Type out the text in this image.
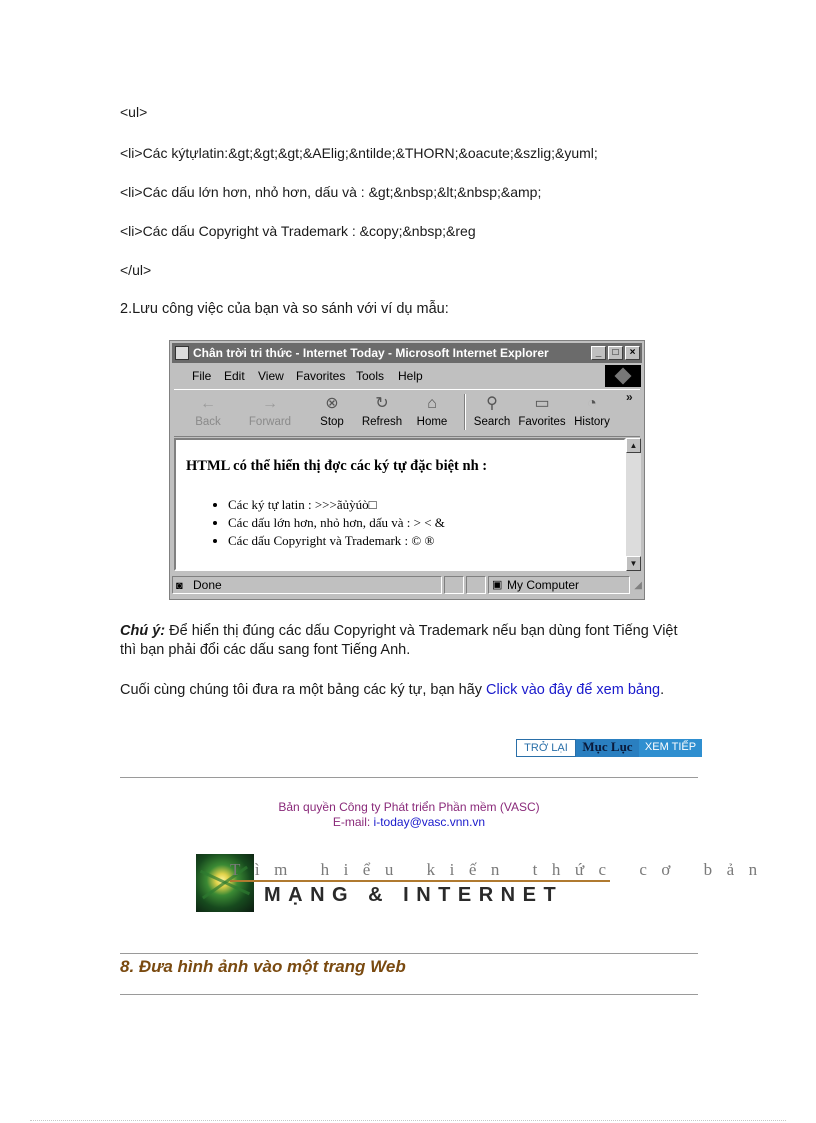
<ul>
<li>Các kýtựlatin:&gt;&gt;&gt;&AElig;&ntilde;&THORN;&oacute;&szlig;&yuml;
<li>Các dấu lớn hơn, nhỏ hơn, dấu và : &gt;&nbsp;&lt;&nbsp;&amp;
<li>Các dấu Copyright và Trademark : &copy;&nbsp;&reg
</ul>
2.Lưu công việc của bạn và so sánh với ví dụ mẫu:
Chân trời tri thức - Internet Today - Microsoft Internet Explorer	_	□	×
File Edit View Favorites Tools Help
←
Back
→
Forward
⊗
Stop
↻
Refresh
⌂
Home
⚲
Search
▭
Favorites
◔
History
»
HTML có thể hiển thị đợc các ký tự đặc biệt nh :
• Các ký tự latin : >>>ãủỳúò□
• Các dấu lớn hơn, nhỏ hơn, dấu và : > < &
• Các dấu Copyright và Trademark : © ®
▲
▼
◙ Done	▣ My Computer	◢
Chú ý: Để hiển thị đúng các dấu Copyright và Trademark nếu bạn dùng font Tiếng Việt thì bạn phải đổi các dấu sang font Tiếng Anh.
Cuối cùng chúng tôi đưa ra một bảng các ký tự, bạn hãy Click vào đây để xem bảng.
TRỞ LẠI	Mục Lục	XEM TIẾP
Bản quyền Công ty Phát triển Phần mềm (VASC)
E-mail: i-today@vasc.vnn.vn
Tìm hiểu kiến thức cơ bản
MẠNG & INTERNET
8. Đưa hình ảnh vào một trang Web
